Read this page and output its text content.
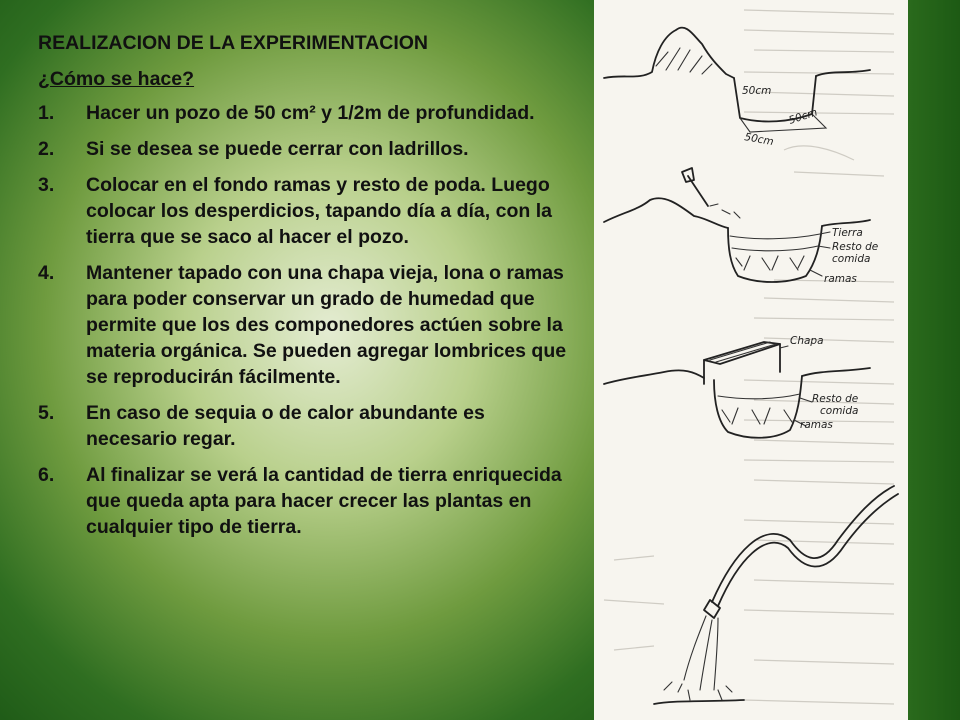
REALIZACION DE LA EXPERIMENTACION

¿Cómo se hace?

1.	Hacer un pozo de 50 cm² y 1/2m de profundidad.
2.	Si se desea se puede cerrar con ladrillos.
3.	Colocar en el fondo ramas y resto de poda. Luego colocar los desperdicios, tapando día a día, con la tierra que se saco al hacer el pozo.
4.	Mantener tapado con una chapa vieja, lona o ramas para poder conservar un grado de humedad que permite que los des componedores actúen sobre la materia orgánica. Se pueden agregar lombrices que se reproducirán fácilmente.
5.	En caso de sequia o de calor abundante es necesario regar.
6.	Al finalizar se verá la cantidad de tierra enriquecida que queda apta para hacer crecer las plantas en cualquier tipo de tierra.
50cm
50cm
50cm
Tierra
Resto de
comida
ramas
Chapa
Resto de
comida
ramas
